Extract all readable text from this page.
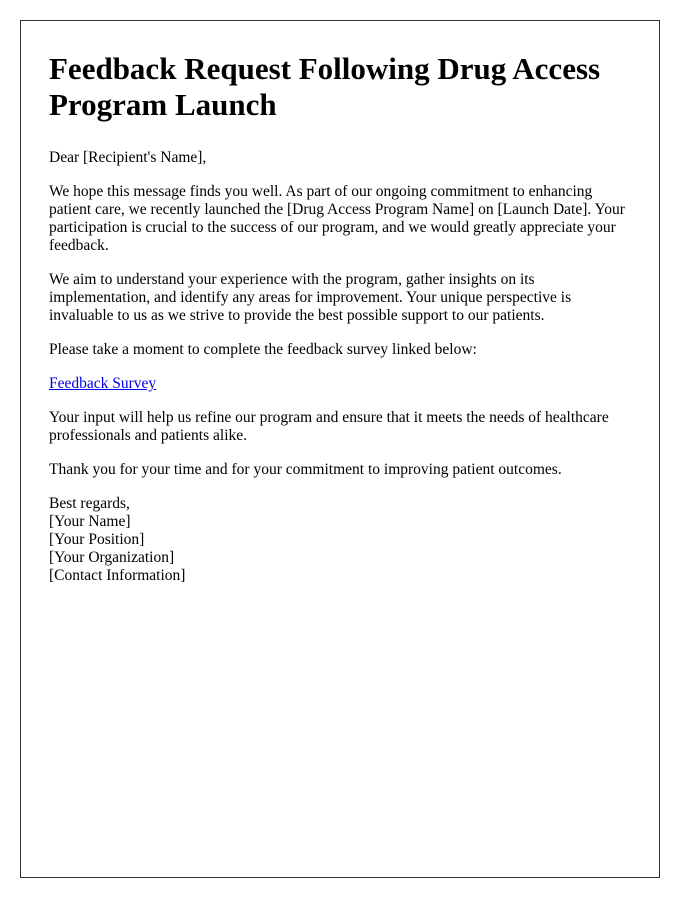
Feedback Request Following Drug Access Program Launch

Dear [Recipient's Name],

We hope this message finds you well. As part of our ongoing commitment to enhancing patient care, we recently launched the [Drug Access Program Name] on [Launch Date]. Your participation is crucial to the success of our program, and we would greatly appreciate your feedback.

We aim to understand your experience with the program, gather insights on its implementation, and identify any areas for improvement. Your unique perspective is invaluable to us as we strive to provide the best possible support to our patients.

Please take a moment to complete the feedback survey linked below:

Feedback Survey

Your input will help us refine our program and ensure that it meets the needs of healthcare professionals and patients alike.

Thank you for your time and for your commitment to improving patient outcomes.

Best regards,
[Your Name]
[Your Position]
[Your Organization]
[Contact Information]
